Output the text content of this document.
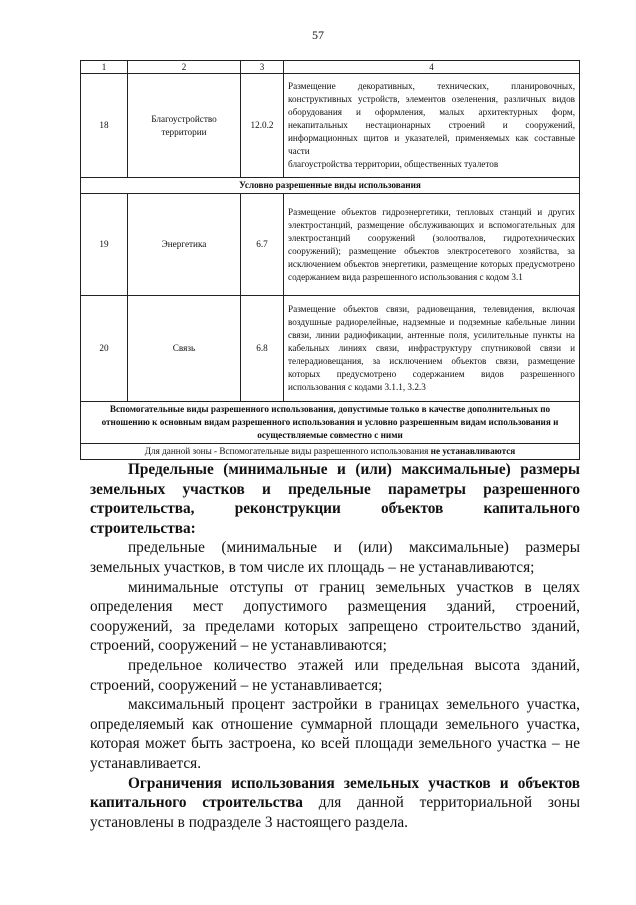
57
1	2	3	4
18	Благоустройство территории	12.0.2	Размещение декоративных, технических, планировочных, конструктивных устройств, элементов озеленения, различных видов оборудования и оформления, малых архитектурных форм, некапитальных нестационарных строений и сооружений, информационных щитов и указателей, применяемых как составные части
благоустройства территории, общественных туалетов

Условно разрешенные виды использования			
19	Энергетика	6.7	Размещение объектов гидроэнергетики, тепловых станций и других электростанций, размещение обслуживающих и вспомогательных для электростанций сооружений (золоотвалов, гидротехнических сооружений); размещение объектов электросетевого хозяйства, за исключением объектов энергетики, размещение которых предусмотрено
содержанием вида разрешенного использования с кодом 3.1

20	Связь	6.8	Размещение объектов связи, радиовещания, телевидения, включая воздушные радиорелейные, надземные и подземные кабельные линии связи, линии радиофикации, антенные поля, усилительные пункты на кабельных линиях связи, инфраструктуру спутниковой связи и телерадиовещания, за исключением объектов связи, размещение которых предусмотрено содержанием видов разрешенного
использования с кодами 3.1.1, 3.2.3

Вспомогательные виды разрешенного использования, допустимые только в качестве дополнительных по отношению к основным видам разрешенного использования и условно разрешенным видам использования и осуществляемые совместно с ними			
Для данной зоны - Вспомогательные виды разрешенного использования не устанавливаются			

Предельные (минимальные и (или) максимальные) размеры земельных участков и предельные параметры разрешенного строительства, реконструкции объектов капитального строительства:

предельные (минимальные и (или) максимальные) размеры земельных участков, в том числе их площадь – не устанавливаются;

минимальные отступы от границ земельных участков в целях определения мест допустимого размещения зданий, строений, сооружений, за пределами которых запрещено строительство зданий, строений, сооружений – не устанавливаются;

предельное количество этажей или предельная высота зданий, строений, сооружений – не устанавливается;

максимальный процент застройки в границах земельного участка, определяемый как отношение суммарной площади земельного участка, которая может быть застроена, ко всей площади земельного участка – не устанавливается.

Ограничения использования земельных участков и объектов капитального строительства для данной территориальной зоны установлены в подразделе 3 настоящего раздела.
